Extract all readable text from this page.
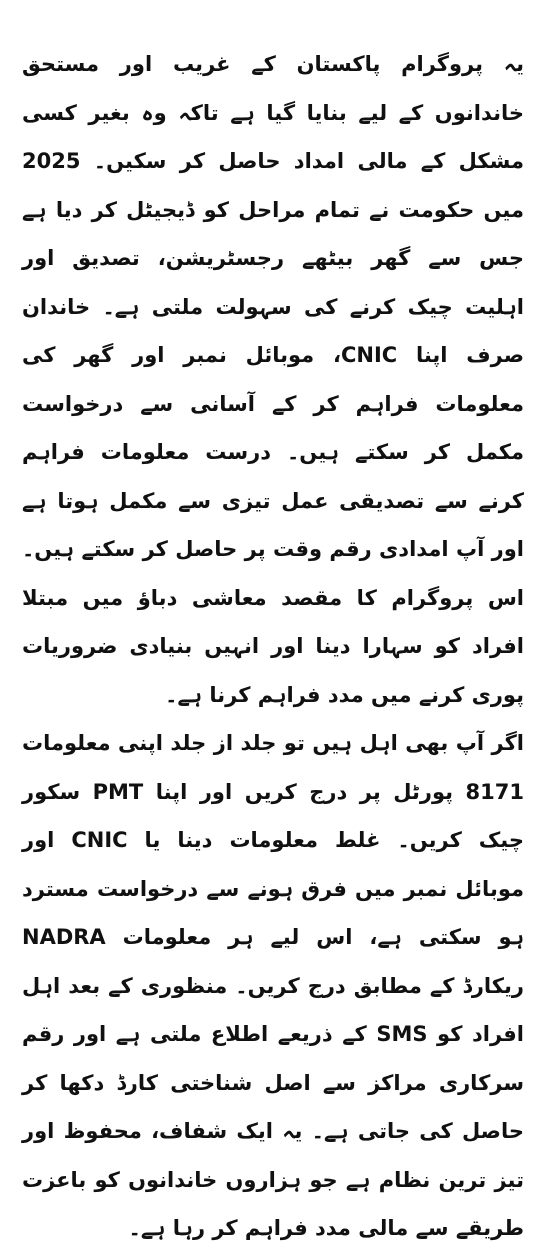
یہ پروگرام پاکستان کے غریب اور مستحق خاندانوں کے لیے بنایا گیا ہے تاکہ وہ بغیر کسی مشکل کے مالی امداد حاصل کر سکیں۔ 2025 میں حکومت نے تمام مراحل کو ڈیجیٹل کر دیا ہے جس سے گھر بیٹھے رجسٹریشن، تصدیق اور اہلیت چیک کرنے کی سہولت ملتی ہے۔ خاندان صرف اپنا CNIC، موبائل نمبر اور گھر کی معلومات فراہم کر کے آسانی سے درخواست مکمل کر سکتے ہیں۔ درست معلومات فراہم کرنے سے تصدیقی عمل تیزی سے مکمل ہوتا ہے اور آپ امدادی رقم وقت پر حاصل کر سکتے ہیں۔ اس پروگرام کا مقصد معاشی دباؤ میں مبتلا افراد کو سہارا دینا اور انہیں بنیادی ضروریات پوری کرنے میں مدد فراہم کرنا ہے۔

اگر آپ بھی اہل ہیں تو جلد از جلد اپنی معلومات 8171 پورٹل پر درج کریں اور اپنا PMT سکور چیک کریں۔ غلط معلومات دینا یا CNIC اور موبائل نمبر میں فرق ہونے سے درخواست مسترد ہو سکتی ہے، اس لیے ہر معلومات NADRA ریکارڈ کے مطابق درج کریں۔ منظوری کے بعد اہل افراد کو SMS کے ذریعے اطلاع ملتی ہے اور رقم سرکاری مراکز سے اصل شناختی کارڈ دکھا کر حاصل کی جاتی ہے۔ یہ ایک شفاف، محفوظ اور تیز ترین نظام ہے جو ہزاروں خاندانوں کو باعزت طریقے سے مالی مدد فراہم کر رہا ہے۔
